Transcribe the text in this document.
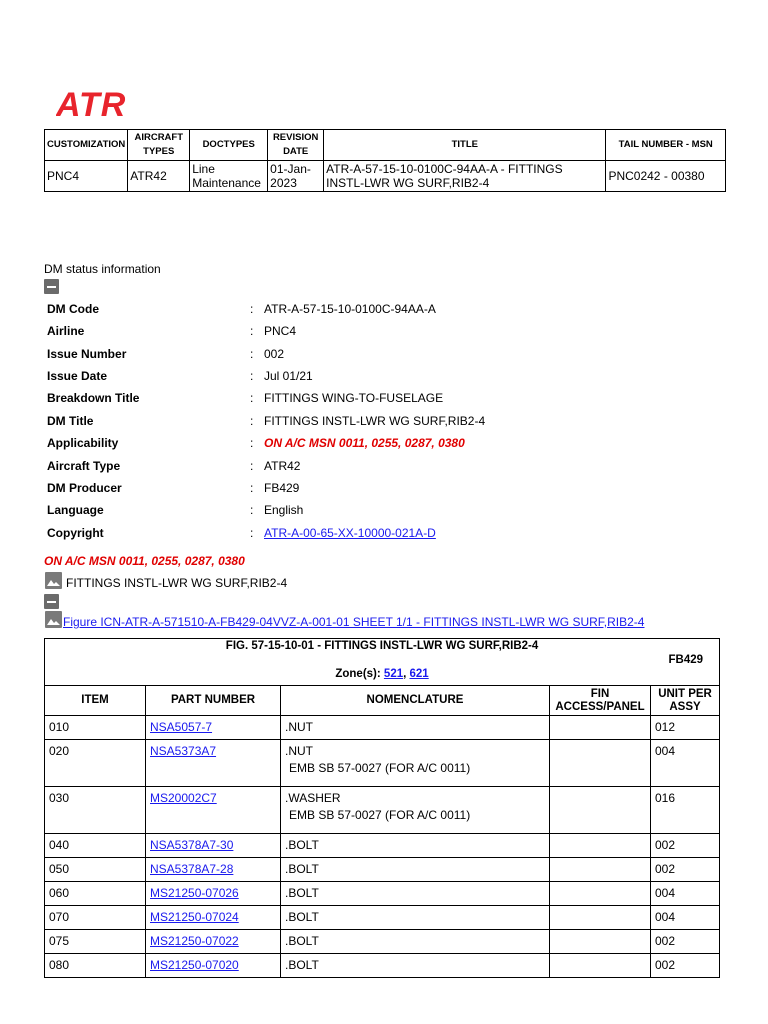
ATR
CUSTOMIZATION	AIRCRAFT TYPES	DOCTYPES	REVISION DATE	TITLE	TAIL NUMBER - MSN
PNC4	ATR42	Line Maintenance	01-Jan-2023	ATR-A-57-15-10-0100C-94AA-A - FITTINGS INSTL-LWR WG SURF,RIB2-4	PNC0242 - 00380
DM status information
DM Code	: ATR-A-57-15-10-0100C-94AA-A
Airline	: PNC4
Issue Number	: 002
Issue Date	: Jul 01/21
Breakdown Title	: FITTINGS WING-TO-FUSELAGE
DM Title	: FITTINGS INSTL-LWR WG SURF,RIB2-4
Applicability	: ON A/C MSN 0011, 0255, 0287, 0380
Aircraft Type	: ATR42
DM Producer	: FB429
Language	: English
Copyright	: ATR-A-00-65-XX-10000-021A-D
ON A/C MSN 0011, 0255, 0287, 0380
FITTINGS INSTL-LWR WG SURF,RIB2-4
Figure ICN-ATR-A-571510-A-FB429-04VVZ-A-001-01 SHEET 1/1 - FITTINGS INSTL-LWR WG SURF,RIB2-4
FIG. 57-15-10-01 - FITTINGS INSTL-LWR WG SURF,RIB2-4
Zone(s): 521, 621
FB429				

ITEM	PART NUMBER	NOMENCLATURE	FIN ACCESS/PANEL	UNIT PER ASSY
010	NSA5057-7	.NUT		012
020	NSA5373A7	.NUT
EMB SB 57-0027 (FOR A/C 0011)		004
030	MS20002C7	.WASHER
EMB SB 57-0027 (FOR A/C 0011)		016
040	NSA5378A7-30	.BOLT		002
050	NSA5378A7-28	.BOLT		002
060	MS21250-07026	.BOLT		004
070	MS21250-07024	.BOLT		004
075	MS21250-07022	.BOLT		002
080	MS21250-07020	.BOLT		002
